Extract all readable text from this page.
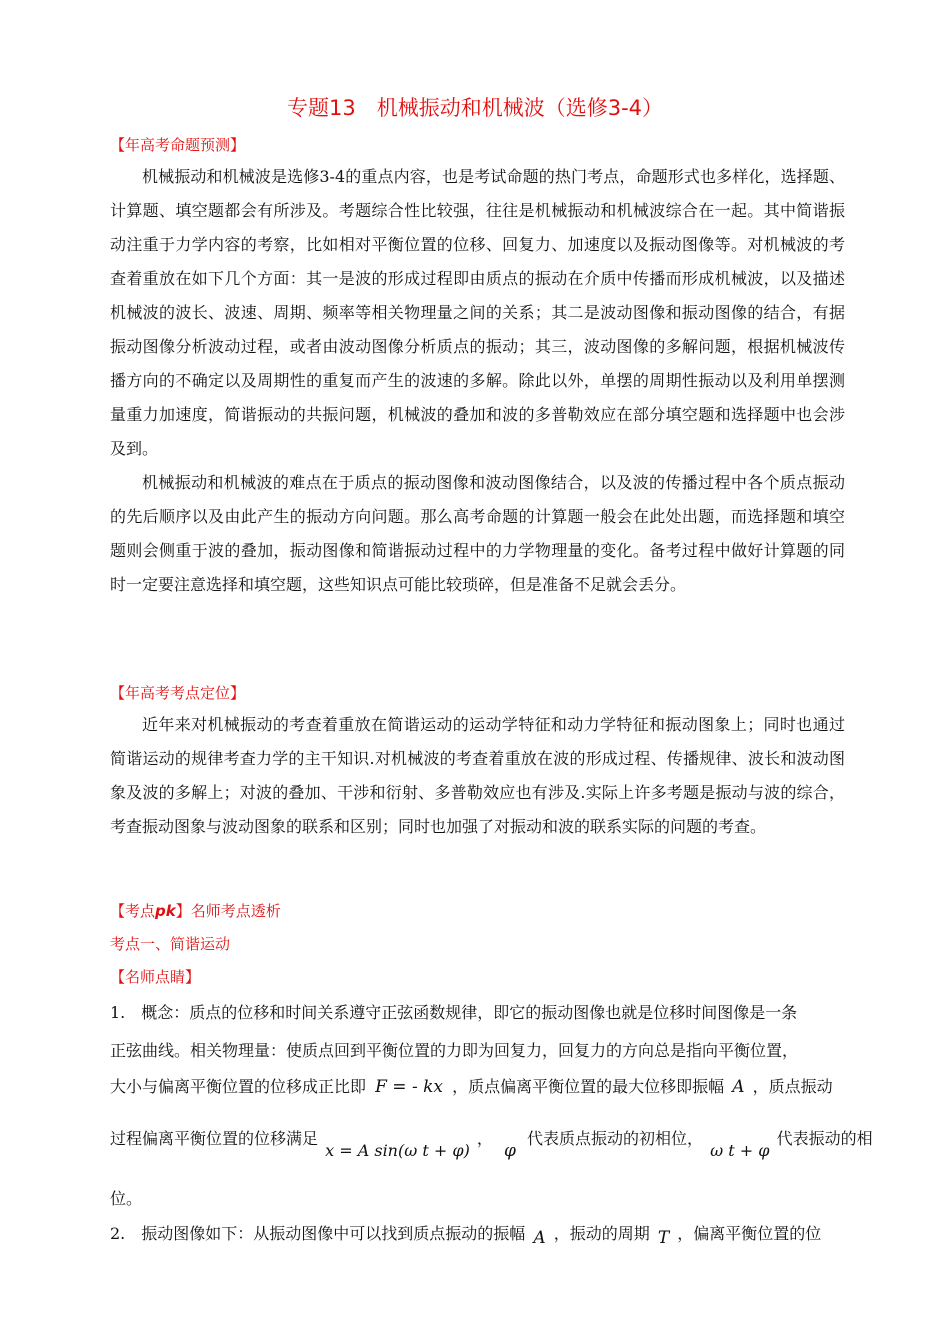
专题13　机械振动和机械波（选修3-4）
【年高考命题预测】

机械振动和机械波是选修3-4的重点内容，也是考试命题的热门考点，命题形式也多样化，选择题、计算题、填空题都会有所涉及。考题综合性比较强，往往是机械振动和机械波综合在一起。其中简谐振动注重于力学内容的考察，比如相对平衡位置的位移、回复力、加速度以及振动图像等。对机械波的考查着重放在如下几个方面：其一是波的形成过程即由质点的振动在介质中传播而形成机械波，以及描述机械波的波长、波速、周期、频率等相关物理量之间的关系；其二是波动图像和振动图像的结合，有据振动图像分析波动过程，或者由波动图像分析质点的振动；其三，波动图像的多解问题，根据机械波传播方向的不确定以及周期性的重复而产生的波速的多解。除此以外，单摆的周期性振动以及利用单摆测量重力加速度，简谐振动的共振问题，机械波的叠加和波的多普勒效应在部分填空题和选择题中也会涉及到。

机械振动和机械波的难点在于质点的振动图像和波动图像结合，以及波的传播过程中各个质点振动的先后顺序以及由此产生的振动方向问题。那么高考命题的计算题一般会在此处出题，而选择题和填空题则会侧重于波的叠加，振动图像和简谐振动过程中的力学物理量的变化。备考过程中做好计算题的同时一定要注意选择和填空题，这些知识点可能比较琐碎，但是准备不足就会丢分。

【年高考考点定位】

近年来对机械振动的考查着重放在简谐运动的运动学特征和动力学特征和振动图象上；同时也通过简谐运动的规律考查力学的主干知识.对机械波的考查着重放在波的形成过程、传播规律、波长和波动图象及波的多解上；对波的叠加、干涉和衍射、多普勒效应也有涉及.实际上许多考题是振动与波的综合，考查振动图象与波动图象的联系和区别；同时也加强了对振动和波的联系实际的问题的考查。

【考点pk】名师考点透析
考点一、简谐运动
【名师点睛】
1.　概念：质点的位移和时间关系遵守正弦函数规律，即它的振动图像也就是位移时间图像是一条
正弦曲线。相关物理量：使质点回到平衡位置的力即为回复力，回复力的方向总是指向平衡位置，
大小与偏离平衡位置的位移成正比即 F = - kx ，质点偏离平衡位置的最大位移即振幅 A ，质点振动
过程偏离平衡位置的位移满足 x = A sin(ω t + φ) ， φ 代表质点振动的初相位， ω t + φ 代表振动的相
位。
2.　振动图像如下：从振动图像中可以找到质点振动的振幅 A ，振动的周期 T ，偏离平衡位置的位
